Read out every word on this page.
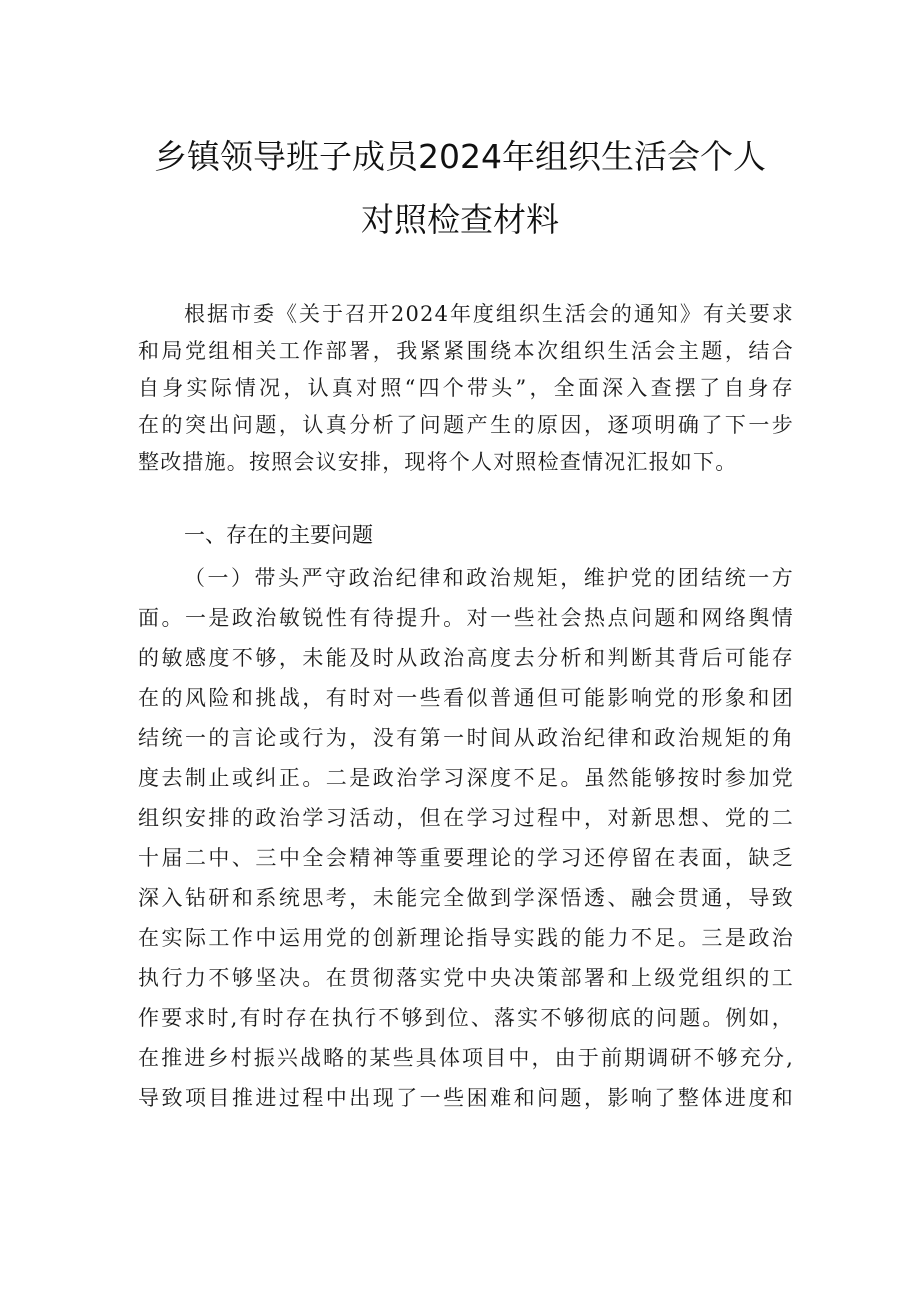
乡镇领导班子成员2024年组织生活会个人
对照检查材料
根据市委《关于召开2024年度组织生活会的通知》有关要求
和局党组相关工作部署，我紧紧围绕本次组织生活会主题，结合
自身实际情况，认真对照“四个带头”，全面深入查摆了自身存
在的突出问题，认真分析了问题产生的原因，逐项明确了下一步
整改措施。按照会议安排，现将个人对照检查情况汇报如下。
一、存在的主要问题
（一）带头严守政治纪律和政治规矩，维护党的团结统一方
面。一是政治敏锐性有待提升。对一些社会热点问题和网络舆情
的敏感度不够，未能及时从政治高度去分析和判断其背后可能存
在的风险和挑战，有时对一些看似普通但可能影响党的形象和团
结统一的言论或行为，没有第一时间从政治纪律和政治规矩的角
度去制止或纠正。二是政治学习深度不足。虽然能够按时参加党
组织安排的政治学习活动，但在学习过程中，对新思想、党的二
十届二中、三中全会精神等重要理论的学习还停留在表面，缺乏
深入钻研和系统思考，未能完全做到学深悟透、融会贯通，导致
在实际工作中运用党的创新理论指导实践的能力不足。三是政治
执行力不够坚决。在贯彻落实党中央决策部署和上级党组织的工
作要求时,有时存在执行不够到位、落实不够彻底的问题。例如，
在推进乡村振兴战略的某些具体项目中，由于前期调研不够充分,
导致项目推进过程中出现了一些困难和问题，影响了整体进度和
